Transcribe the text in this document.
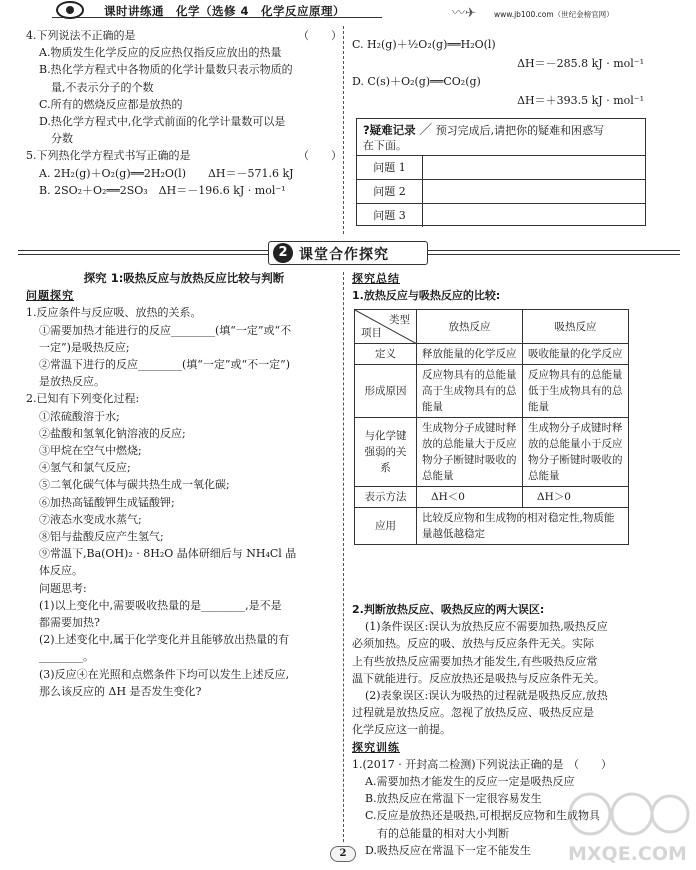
课时讲练通　化学（选修 4　化学反应原理）	〰✈ www.jb100.com（世纪金榜官网）
4.下列说法不正确的是	（　　）
A.物质发生化学反应的反应热仅指反应放出的热量
B.热化学方程式中各物质的化学计量数只表示物质的
量,不表示分子的个数
C.所有的燃烧反应都是放热的
D.热化学方程式中,化学式前面的化学计量数可以是
分数
5.下列热化学方程式书写正确的是	（　　）
A. 2H₂(g)＋O₂(g)══2H₂O(l)　　ΔH＝－571.6 kJ
B. 2SO₂＋O₂══2SO₃　ΔH＝－196.6 kJ · mol⁻¹
C. H₂(g)＋½O₂(g)══H₂O(l)
ΔH＝－285.8 kJ · mol⁻¹
D. C(s)＋O₂(g)══CO₂(g)
ΔH＝＋393.5 kJ · mol⁻¹
?疑难记录 ／ 预习完成后,请把你的疑难和困惑写
在下面。
问题 1
问题 2
问题 3
2 课堂合作探究
探究 1:吸热反应与放热反应比较与判断
问题探究
1.反应条件与反应吸、放热的关系。
①需要加热才能进行的反应________(填“一定”或“不
一定”)是吸热反应;
②常温下进行的反应________(填“一定”或“不一定”)
是放热反应。
2.已知有下列变化过程:
①浓硫酸溶于水;
②盐酸和氢氧化钠溶液的反应;
③甲烷在空气中燃烧;
④氢气和氯气反应;
⑤二氧化碳气体与碳共热生成一氧化碳;
⑥加热高锰酸钾生成锰酸钾;
⑦液态水变成水蒸气;
⑧铝与盐酸反应产生氢气;
⑨常温下,Ba(OH)₂ · 8H₂O 晶体研细后与 NH₄Cl 晶
体反应。
问题思考:
(1)以上变化中,需要吸收热量的是________,是不是
都需要加热?
(2)上述变化中,属于化学变化并且能够放出热量的有
________。
(3)反应④在光照和点燃条件下均可以发生上述反应,
那么该反应的 ΔH 是否发生变化?
探究总结
1.放热反应与吸热反应的比较:
类型
项目	放热反应	吸热反应
定义	释放能量的化学反应	吸收能量的化学反应
形成原因	反应物具有的总能量高于生成物具有的总能量	反应物具有的总能量低于生成物具有的总能量
与化学键强弱的关系	生成物分子成键时释放的总能量大于反应物分子断键时吸收的总能量	生成物分子成键时释放的总能量小于反应物分子断键时吸收的总能量
表示方法	ΔH＜0	ΔH＞0
应用	比较反应物和生成物的相对稳定性,物质能量越低越稳定	
2.判断放热反应、吸热反应的两大误区:
(1)条件误区:误认为放热反应不需要加热,吸热反应
必须加热。反应的吸、放热与反应条件无关。实际
上有些放热反应需要加热才能发生,有些吸热反应常
温下就能进行。反应放热还是吸热与反应条件无关。
(2)表象误区:误认为吸热的过程就是吸热反应,放热
过程就是放热反应。忽视了放热反应、吸热反应是
化学反应这一前提。
探究训练
1.(2017 · 开封高二检测)下列说法正确的是 （　　）
A.需要加热才能发生的反应一定是吸热反应
B.放热反应在常温下一定很容易发生
C.反应是放热还是吸热,可根据反应物和生成物具
有的总能量的相对大小判断
D.吸热反应在常温下一定不能发生
2	MXQE.COM
